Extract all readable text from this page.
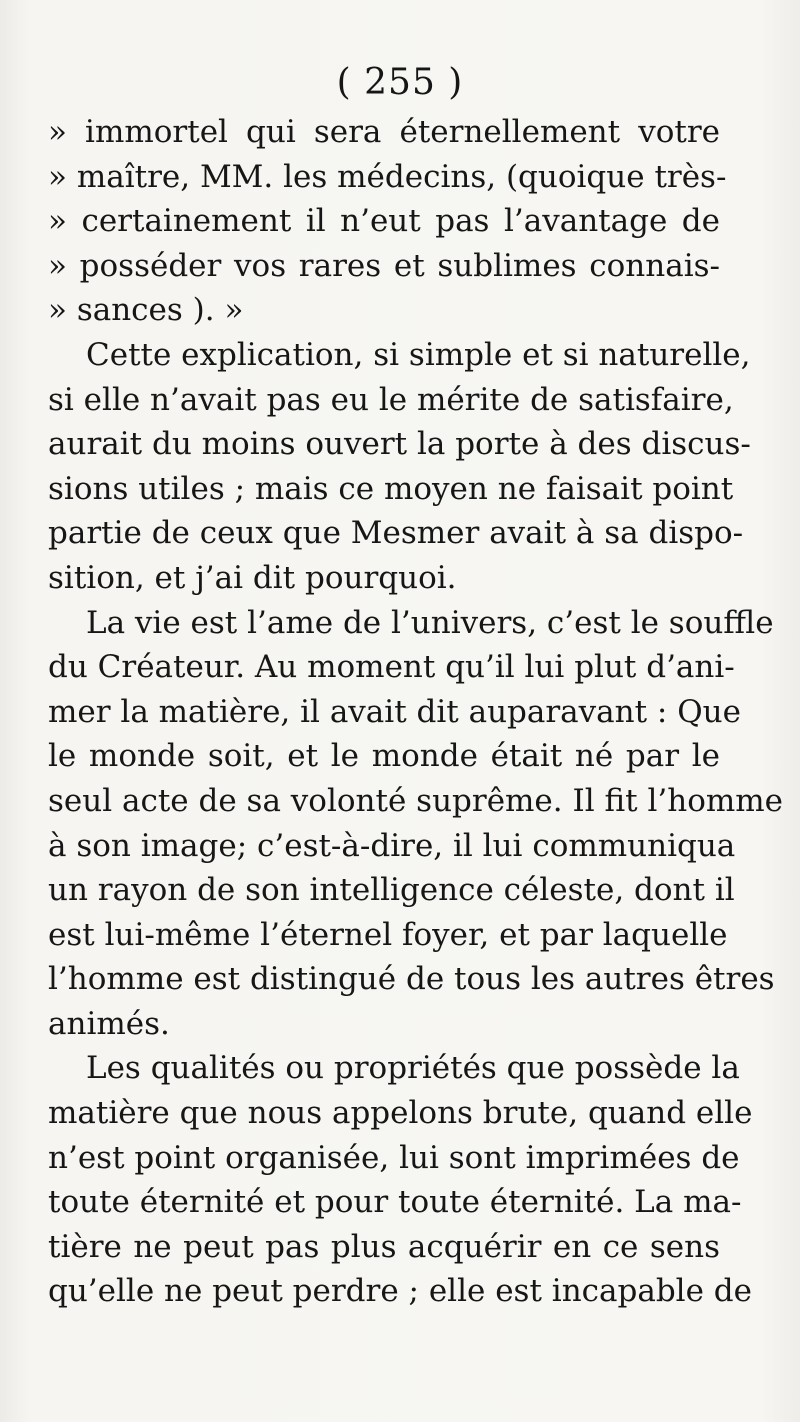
( 255 )
» immortel qui sera éternellement votre
» maître, MM. les médecins, (quoique très-
» certainement il n’eut pas l’avantage de
» posséder vos rares et sublimes connais-
» sances ). »
Cette explication, si simple et si naturelle,
si elle n’avait pas eu le mérite de satisfaire,
aurait du moins ouvert la porte à des discus-
sions utiles ; mais ce moyen ne faisait point
partie de ceux que Mesmer avait à sa dispo-
sition, et j’ai dit pourquoi.
La vie est l’ame de l’univers, c’est le souffle
du Créateur. Au moment qu’il lui plut d’ani-
mer la matière, il avait dit auparavant : Que
le monde soit, et le monde était né par le
seul acte de sa volonté suprême. Il fit l’homme
à son image; c’est-à-dire, il lui communiqua
un rayon de son intelligence céleste, dont il
est lui-même l’éternel foyer, et par laquelle
l’homme est distingué de tous les autres êtres
animés.
Les qualités ou propriétés que possède la
matière que nous appelons brute, quand elle
n’est point organisée, lui sont imprimées de
toute éternité et pour toute éternité. La ma-
tière ne peut pas plus acquérir en ce sens
qu’elle ne peut perdre ; elle est incapable de
